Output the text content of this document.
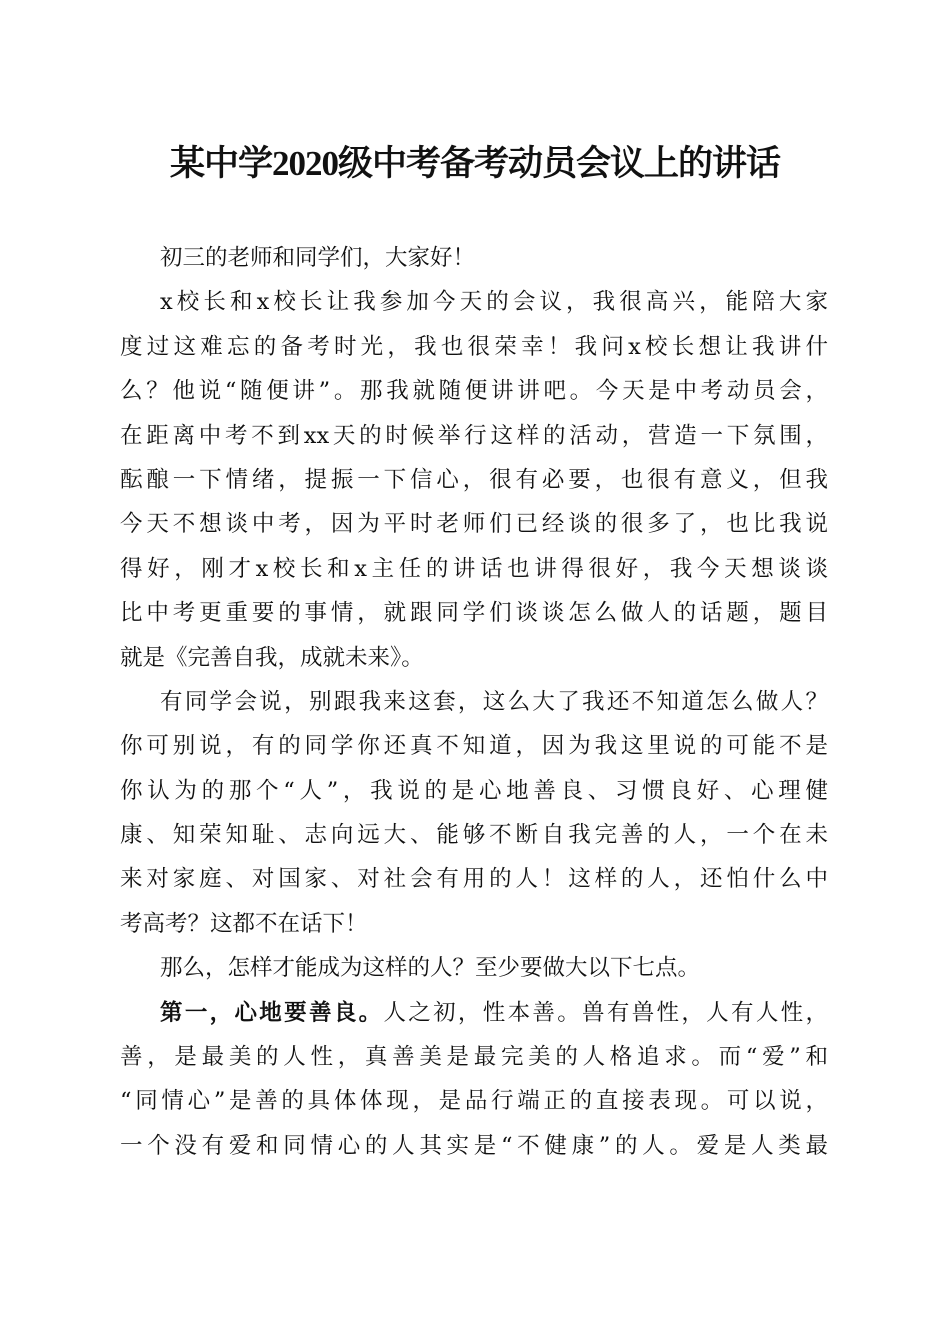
某中学2020级中考备考动员会议上的讲话
初三的老师和同学们，大家好！
x校长和x校长让我参加今天的会议，我很高兴，能陪大家
度过这难忘的备考时光，我也很荣幸！我问x校长想让我讲什
么？他说“随便讲”。那我就随便讲讲吧。今天是中考动员会，
在距离中考不到xx天的时候举行这样的活动，营造一下氛围，
酝酿一下情绪，提振一下信心，很有必要，也很有意义，但我
今天不想谈中考，因为平时老师们已经谈的很多了，也比我说
得好，刚才x校长和x主任的讲话也讲得很好，我今天想谈谈
比中考更重要的事情，就跟同学们谈谈怎么做人的话题，题目
就是《完善自我，成就未来》。
有同学会说，别跟我来这套，这么大了我还不知道怎么做人？
你可别说，有的同学你还真不知道，因为我这里说的可能不是
你认为的那个“人”，我说的是心地善良、习惯良好、心理健
康、知荣知耻、志向远大、能够不断自我完善的人，一个在未
来对家庭、对国家、对社会有用的人！这样的人，还怕什么中
考高考？这都不在话下！
那么，怎样才能成为这样的人？至少要做大以下七点。
第一，心地要善良。人之初，性本善。兽有兽性，人有人性，
善，是最美的人性，真善美是最完美的人格追求。而“爱”和
“同情心”是善的具体体现，是品行端正的直接表现。可以说，
一个没有爱和同情心的人其实是“不健康”的人。爱是人类最
